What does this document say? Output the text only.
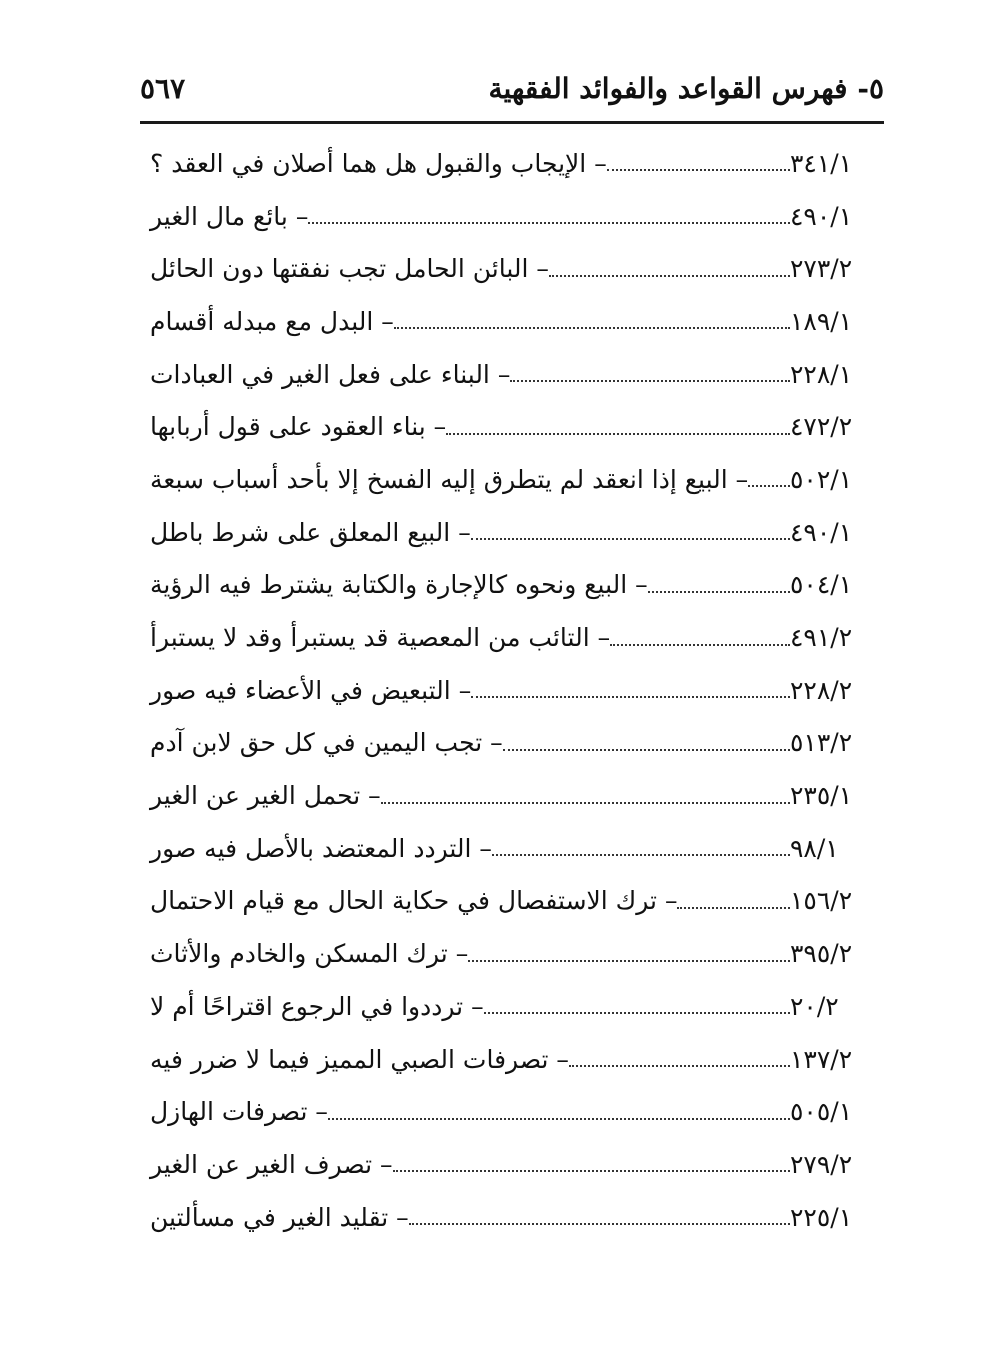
٥- فهرس القواعد والفوائد الفقهية
٥٦٧
– الإيجاب والقبول هل هما أصلان في العقد ؟	٣٤١/١
– بائع مال الغير	٤٩٠/١
– البائن الحامل تجب نفقتها دون الحائل	٢٧٣/٢
– البدل مع مبدله أقسام	١٨٩/١
– البناء على فعل الغير في العبادات	٢٢٨/١
– بناء العقود على قول أربابها	٤٧٢/٢
– البيع إذا انعقد لم يتطرق إليه الفسخ إلا بأحد أسباب سبعة ٥٠٢/١
– البيع المعلق على شرط باطل	٤٩٠/١
– البيع ونحوه كالإجارة والكتابة يشترط فيه الرؤية	٥٠٤/١
– التائب من المعصية قد يستبرأ وقد لا يستبرأ	٤٩١/٢
– التبعيض في الأعضاء فيه صور	٢٢٨/٢
– تجب اليمين في كل حق لابن آدم	٥١٣/٢
– تحمل الغير عن الغير	٢٣٥/١
– التردد المعتضد بالأصل فيه صور	٩٨/١
– ترك الاستفصال في حكاية الحال مع قيام الاحتمال	١٥٦/٢
– ترك المسكن والخادم والأثاث	٣٩٥/٢
– ترددوا في الرجوع اقتراحًا أم لا	٢٠/٢
– تصرفات الصبي المميز فيما لا ضرر فيه	١٣٧/٢
– تصرفات الهازل	٥٠٥/١
– تصرف الغير عن الغير	٢٧٩/٢
– تقليد الغير في مسألتين	٢٢٥/١
